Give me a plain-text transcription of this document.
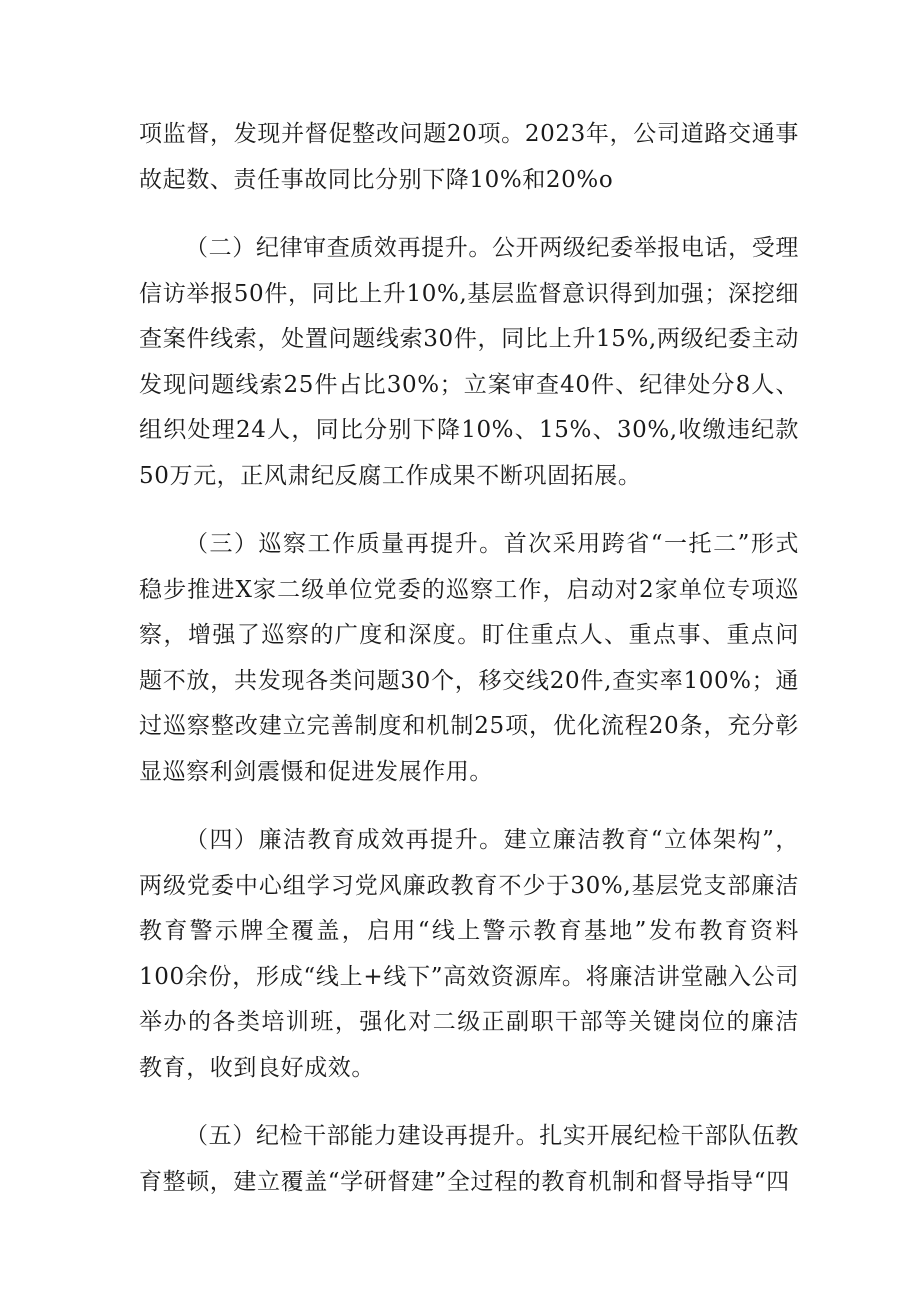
项监督，发现并督促整改问题20项。2023年，公司道路交通事故起数、责任事故同比分别下降10%和20%o

（二）纪律审查质效再提升。公开两级纪委举报电话，受理信访举报50件，同比上升10%,基层监督意识得到加强；深挖细查案件线索，处置问题线索30件，同比上升15%,两级纪委主动发现问题线索25件占比30%；立案审查40件、纪律处分8人、组织处理24人，同比分别下降10%、15%、30%,收缴违纪款50万元，正风肃纪反腐工作成果不断巩固拓展。

（三）巡察工作质量再提升。首次采用跨省“一托二”形式稳步推进X家二级单位党委的巡察工作，启动对2家单位专项巡察，增强了巡察的广度和深度。盯住重点人、重点事、重点问题不放，共发现各类问题30个，移交线20件,查实率100%；通过巡察整改建立完善制度和机制25项，优化流程20条，充分彰显巡察利剑震慑和促进发展作用。

（四）廉洁教育成效再提升。建立廉洁教育“立体架构”，两级党委中心组学习党风廉政教育不少于30%,基层党支部廉洁教育警示牌全覆盖，启用“线上警示教育基地”发布教育资料100余份，形成“线上+线下”高效资源库。将廉洁讲堂融入公司举办的各类培训班，强化对二级正副职干部等关键岗位的廉洁教育，收到良好成效。

（五）纪检干部能力建设再提升。扎实开展纪检干部队伍教育整顿，建立覆盖“学研督建”全过程的教育机制和督导指导“四
